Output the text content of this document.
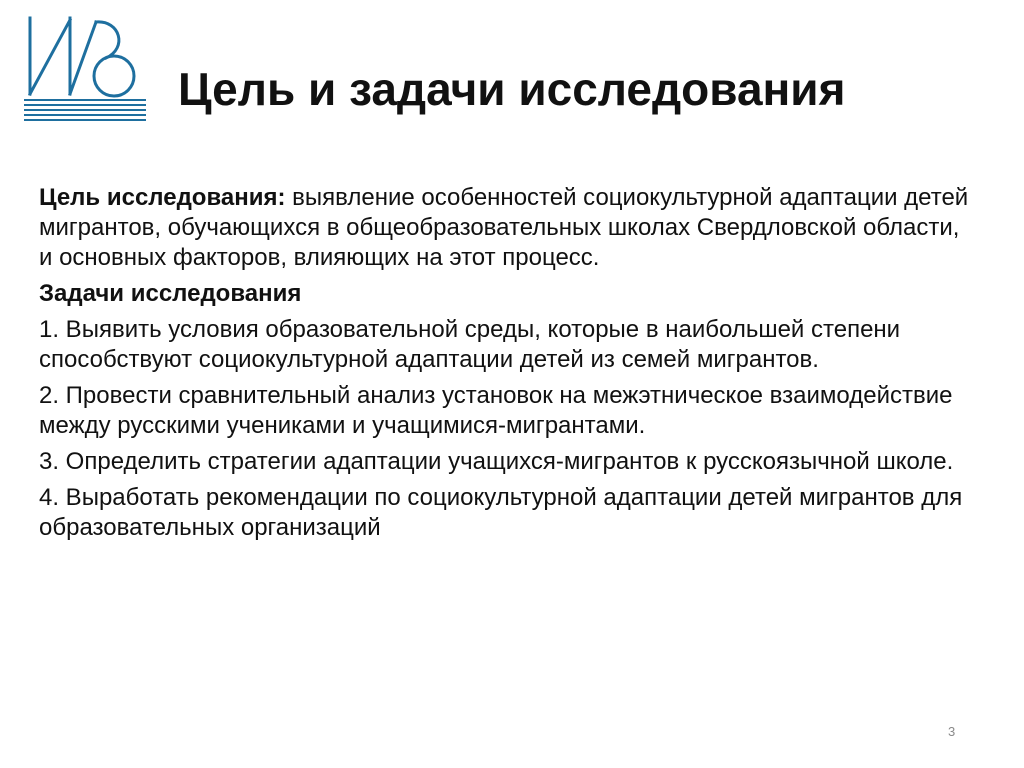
Цель и задачи исследования

Цель исследования: выявление особенностей социокультурной адаптации детей мигрантов, обучающихся в общеобразовательных школах Свердловской области, и основных факторов, влияющих на этот процесс.

Задачи исследования

1. Выявить условия образовательной среды, которые в наибольшей степени способствуют социокультурной адаптации детей из семей мигрантов.

2. Провести сравнительный анализ установок на межэтническое взаимодействие между русскими учениками и учащимися-мигрантами.

3. Определить стратегии адаптации учащихся-мигрантов к русскоязычной школе.

4. Выработать рекомендации по социокультурной адаптации детей мигрантов для образовательных организаций

3
